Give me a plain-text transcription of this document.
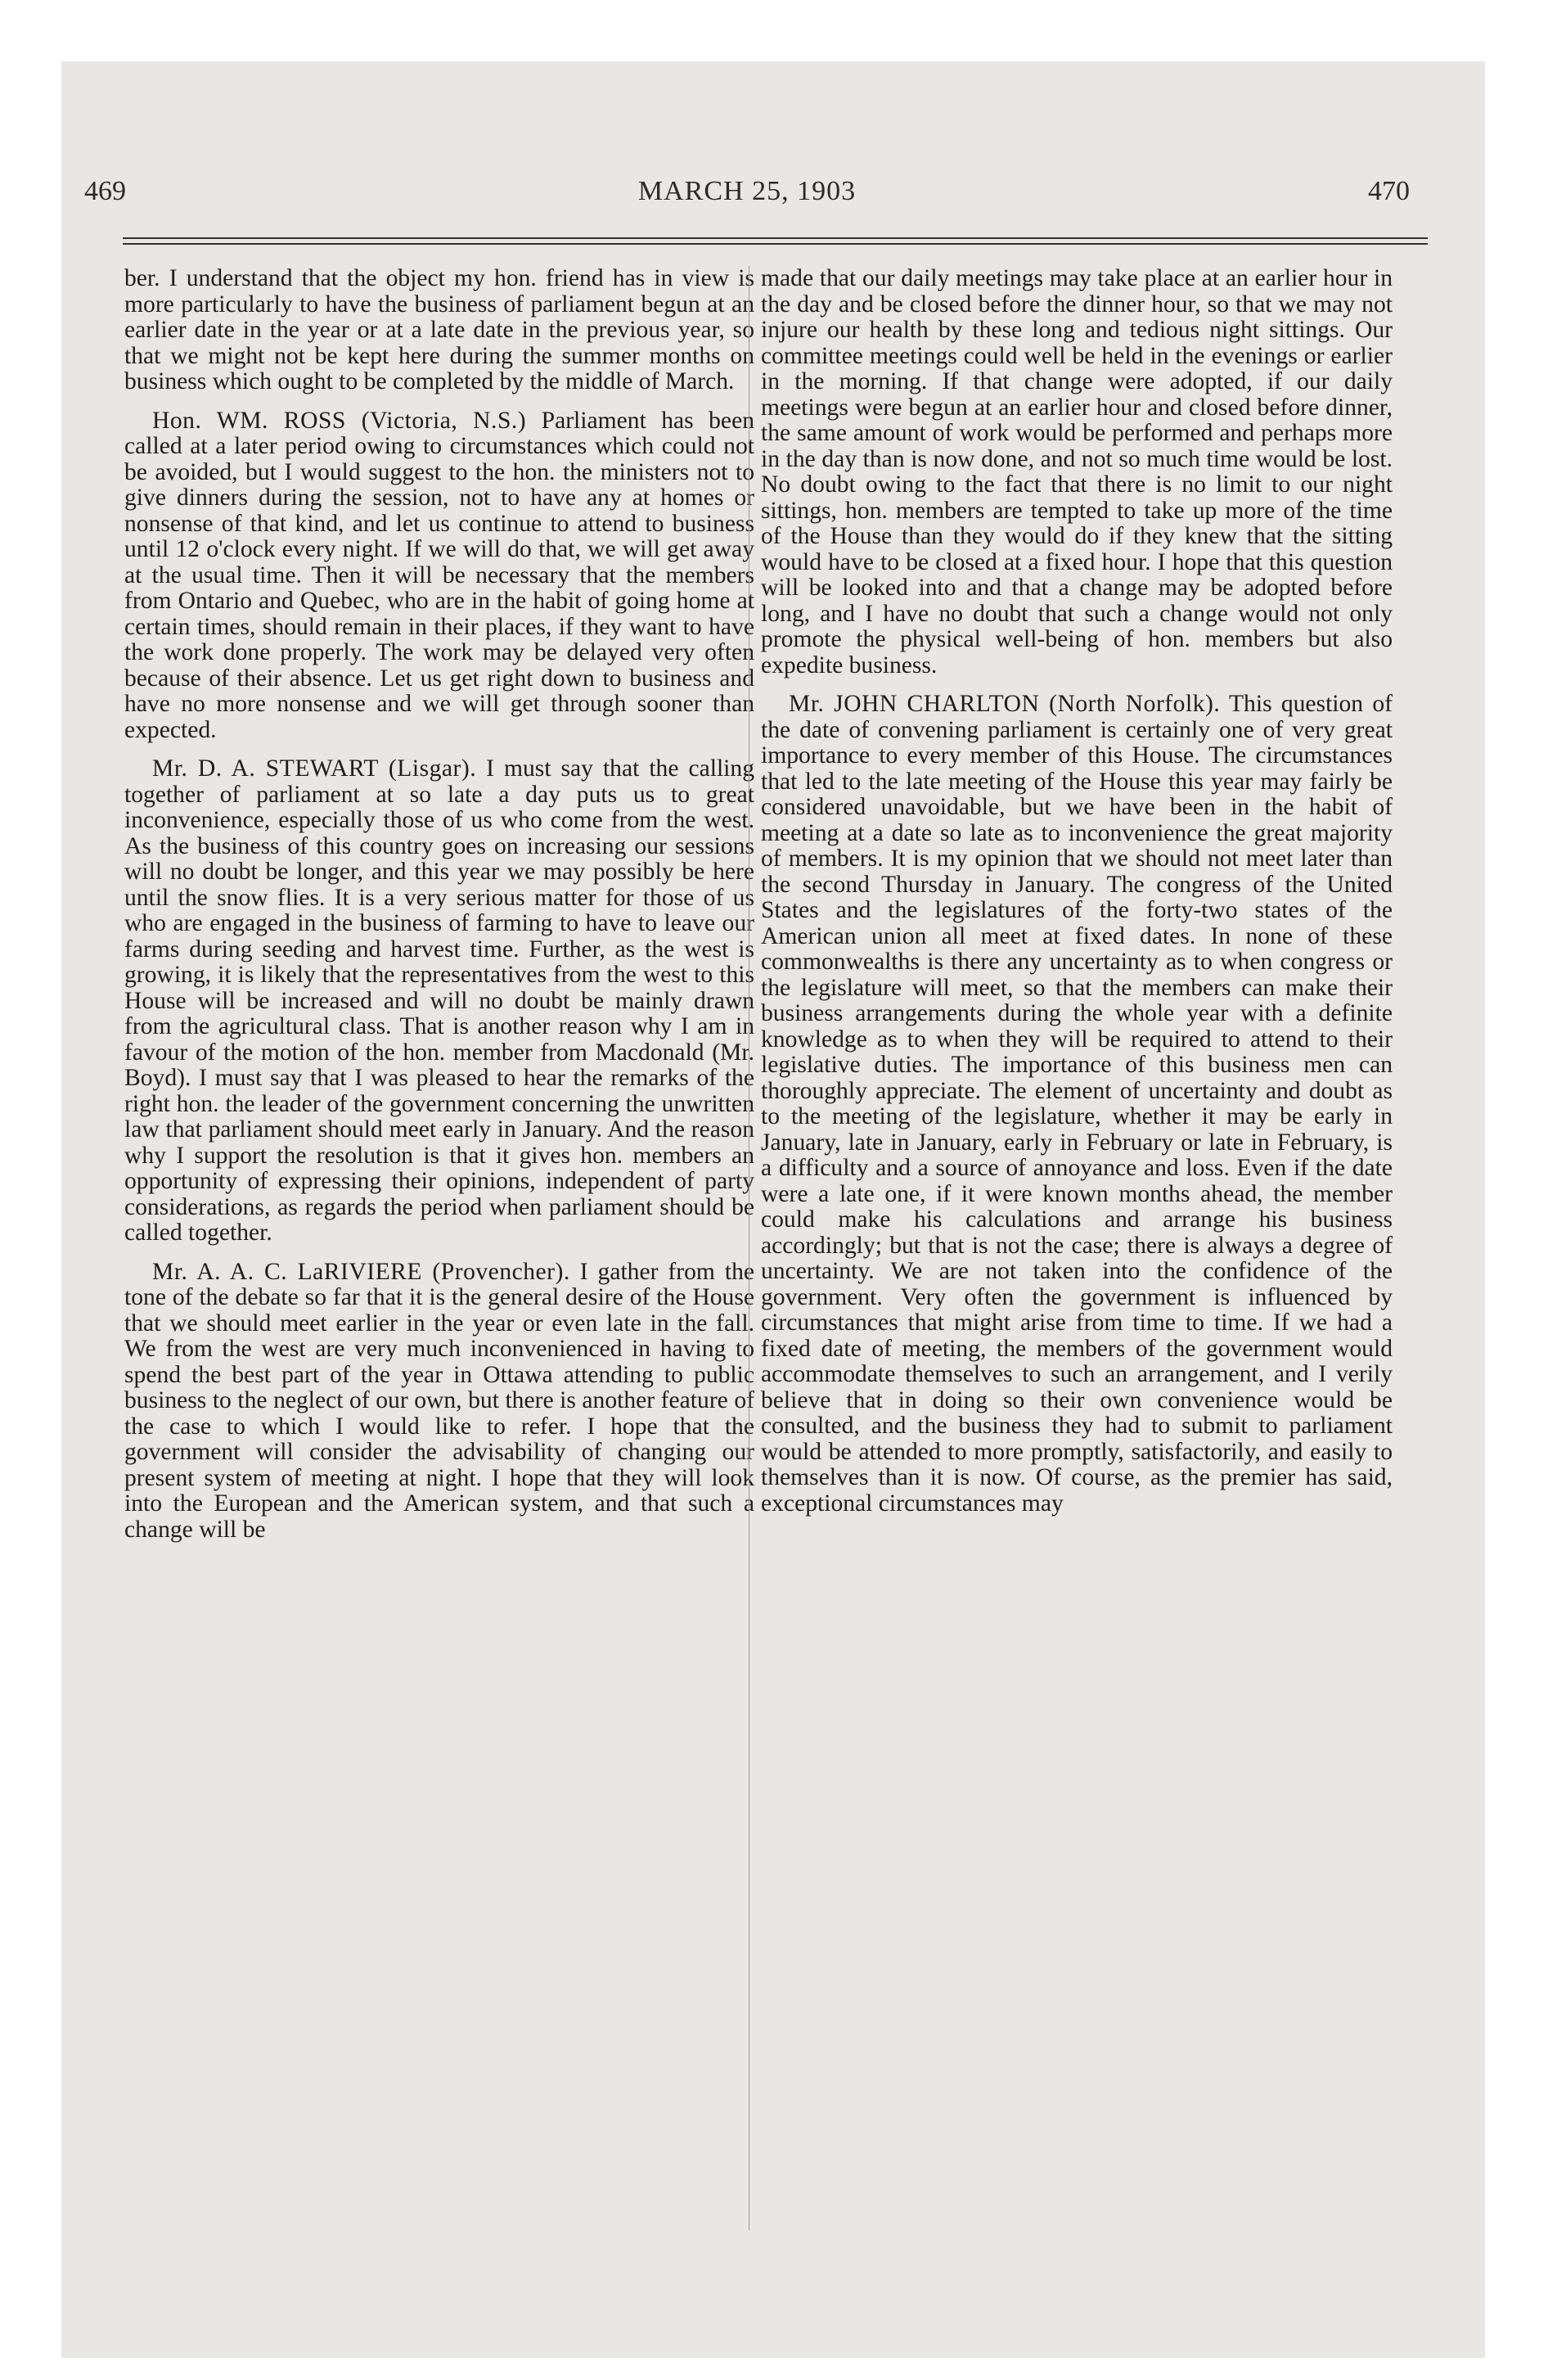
469	MARCH 25, 1903	470

ber. I understand that the object my hon. friend has in view is more particularly to have the business of parliament begun at an earlier date in the year or at a late date in the previous year, so that we might not be kept here during the summer months on business which ought to be completed by the middle of March.

Hon. WM. ROSS (Victoria, N.S.) Parliament has been called at a later period owing to circumstances which could not be avoided, but I would suggest to the hon. the ministers not to give dinners during the session, not to have any at homes or nonsense of that kind, and let us continue to attend to business until 12 o'clock every night. If we will do that, we will get away at the usual time. Then it will be necessary that the members from Ontario and Quebec, who are in the habit of going home at certain times, should remain in their places, if they want to have the work done properly. The work may be delayed very often because of their absence. Let us get right down to business and have no more nonsense and we will get through sooner than expected.

Mr. D. A. STEWART (Lisgar). I must say that the calling together of parliament at so late a day puts us to great inconvenience, especially those of us who come from the west. As the business of this country goes on increasing our sessions will no doubt be longer, and this year we may possibly be here until the snow flies. It is a very serious matter for those of us who are engaged in the business of farming to have to leave our farms during seeding and harvest time. Further, as the west is growing, it is likely that the representatives from the west to this House will be increased and will no doubt be mainly drawn from the agricultural class. That is another reason why I am in favour of the motion of the hon. member from Macdonald (Mr. Boyd). I must say that I was pleased to hear the remarks of the right hon. the leader of the government concerning the unwritten law that parliament should meet early in January. And the reason why I support the resolution is that it gives hon. members an opportunity of expressing their opinions, independent of party considerations, as regards the period when parliament should be called together.

Mr. A. A. C. LaRIVIERE (Provencher). I gather from the tone of the debate so far that it is the general desire of the House that we should meet earlier in the year or even late in the fall. We from the west are very much inconvenienced in having to spend the best part of the year in Ottawa attending to public business to the neglect of our own, but there is another feature of the case to which I would like to refer. I hope that the government will consider the advisability of changing our present system of meeting at night. I hope that they will look into the European and the American system, and that such a change will be

made that our daily meetings may take place at an earlier hour in the day and be closed before the dinner hour, so that we may not injure our health by these long and tedious night sittings. Our committee meetings could well be held in the evenings or earlier in the morning. If that change were adopted, if our daily meetings were begun at an earlier hour and closed before dinner, the same amount of work would be performed and perhaps more in the day than is now done, and not so much time would be lost. No doubt owing to the fact that there is no limit to our night sittings, hon. members are tempted to take up more of the time of the House than they would do if they knew that the sitting would have to be closed at a fixed hour. I hope that this question will be looked into and that a change may be adopted before long, and I have no doubt that such a change would not only promote the physical well-being of hon. members but also expedite business.

Mr. JOHN CHARLTON (North Norfolk). This question of the date of convening parliament is certainly one of very great importance to every member of this House. The circumstances that led to the late meeting of the House this year may fairly be considered unavoidable, but we have been in the habit of meeting at a date so late as to inconvenience the great majority of members. It is my opinion that we should not meet later than the second Thursday in January. The congress of the United States and the legislatures of the forty-two states of the American union all meet at fixed dates. In none of these commonwealths is there any uncertainty as to when congress or the legislature will meet, so that the members can make their business arrangements during the whole year with a definite knowledge as to when they will be required to attend to their legislative duties. The importance of this business men can thoroughly appreciate. The element of uncertainty and doubt as to the meeting of the legislature, whether it may be early in January, late in January, early in February or late in February, is a difficulty and a source of annoyance and loss. Even if the date were a late one, if it were known months ahead, the member could make his calculations and arrange his business accordingly; but that is not the case; there is always a degree of uncertainty. We are not taken into the confidence of the government. Very often the government is influenced by circumstances that might arise from time to time. If we had a fixed date of meeting, the members of the government would accommodate themselves to such an arrangement, and I verily believe that in doing so their own convenience would be consulted, and the business they had to submit to parliament would be attended to more promptly, satisfactorily, and easily to themselves than it is now. Of course, as the premier has said, exceptional circumstances may
